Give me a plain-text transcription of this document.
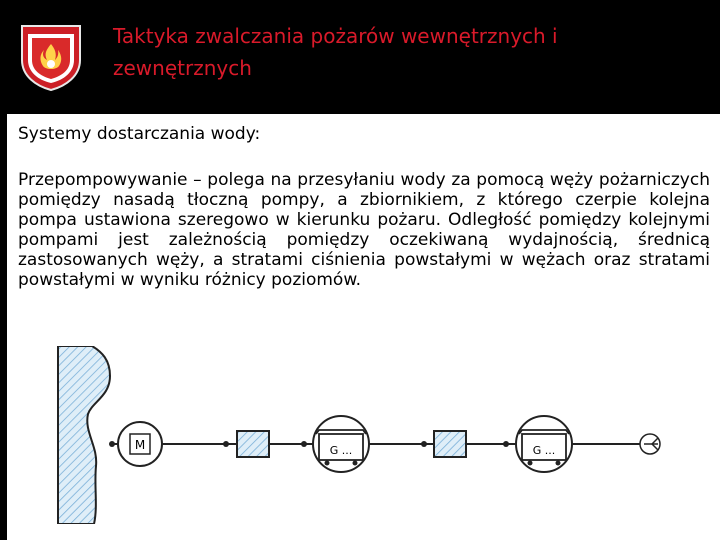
Taktyka zwalczania pożarów wewnętrznych i zewnętrznych
Systemy dostarczania wody:

Przepompowywanie – polega na przesyłaniu wody za pomocą węży pożarniczych pomiędzy nasadą tłoczną pompy, a zbiornikiem, z którego czerpie kolejna pompa ustawiona szeregowo w kierunku pożaru. Odległość pomiędzy kolejnymi pompami jest zależnością pomiędzy oczekiwaną wydajnością, średnicą zastosowanych węży, a stratami ciśnienia powstałymi w wężach oraz stratami powstałymi w wyniku różnicy poziomów.

M	G ...	G ...
